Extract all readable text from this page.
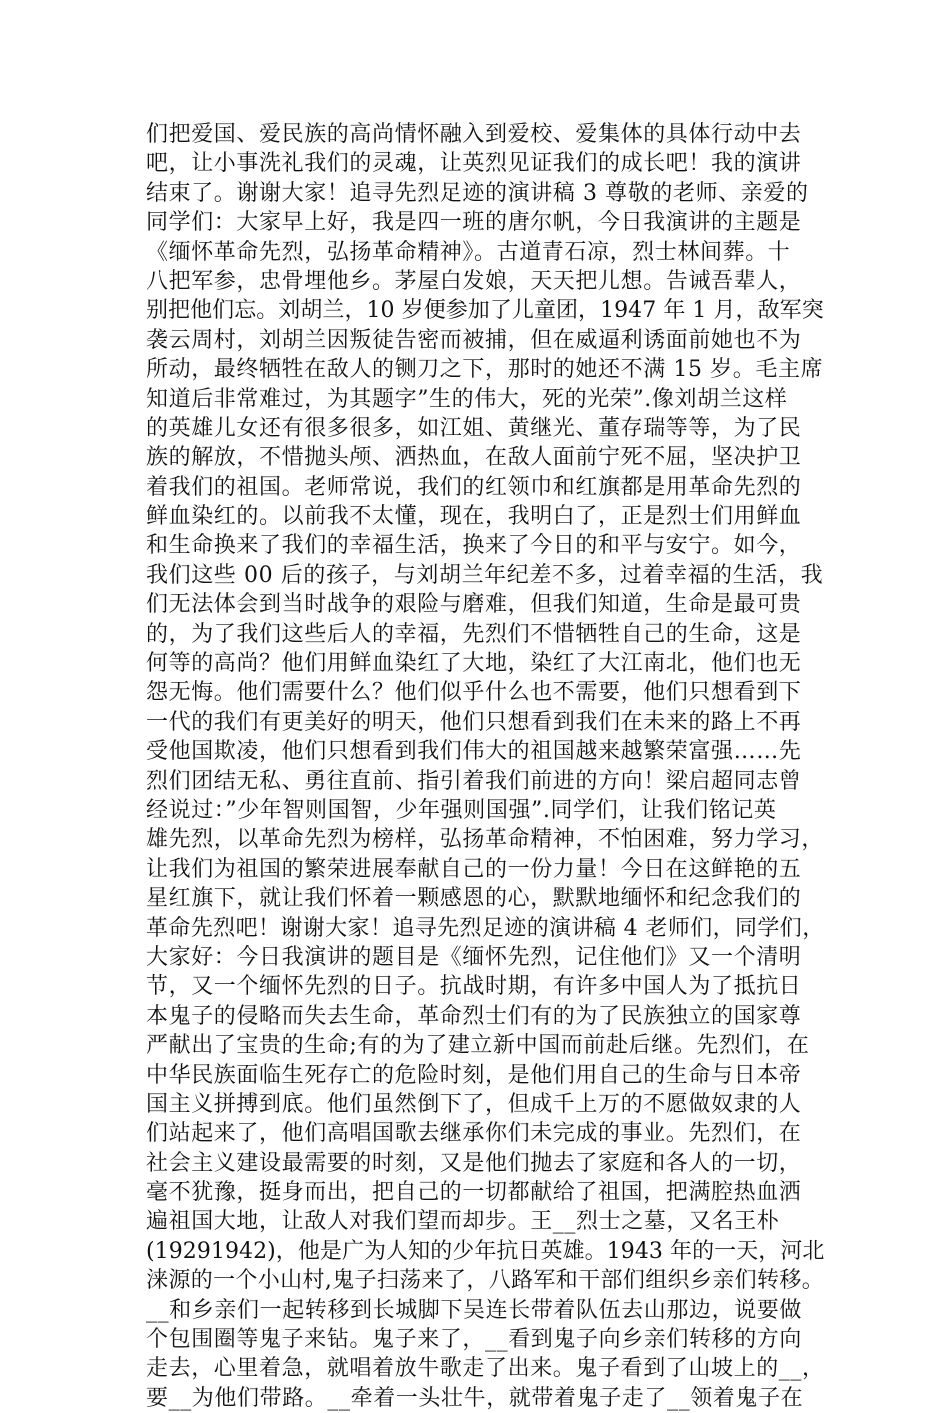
们把爱国、爱民族的高尚情怀融入到爱校、爱集体的具体行动中去
吧，让小事洗礼我们的灵魂，让英烈见证我们的成长吧！我的演讲
结束了。谢谢大家！追寻先烈足迹的演讲稿 3 尊敬的老师、亲爱的
同学们：大家早上好，我是四一班的唐尔帆，今日我演讲的主题是
《缅怀革命先烈，弘扬革命精神》。古道青石凉，烈士林间葬。十
八把军参，忠骨埋他乡。茅屋白发娘，天天把儿想。告诫吾辈人，
别把他们忘。刘胡兰，10 岁便参加了儿童团，1947 年 1 月，敌军突
袭云周村，刘胡兰因叛徒告密而被捕，但在威逼利诱面前她也不为
所动，最终牺牲在敌人的铡刀之下，那时的她还不满 15 岁。毛主席
知道后非常难过，为其题字”生的伟大，死的光荣”.像刘胡兰这样
的英雄儿女还有很多很多，如江姐、黄继光、董存瑞等等，为了民
族的解放，不惜抛头颅、洒热血，在敌人面前宁死不屈，坚决护卫
着我们的祖国。老师常说，我们的红领巾和红旗都是用革命先烈的
鲜血染红的。以前我不太懂，现在，我明白了，正是烈士们用鲜血
和生命换来了我们的幸福生活，换来了今日的和平与安宁。如今，
我们这些 00 后的孩子，与刘胡兰年纪差不多，过着幸福的生活，我
们无法体会到当时战争的艰险与磨难，但我们知道，生命是最可贵
的，为了我们这些后人的幸福，先烈们不惜牺牲自己的生命，这是
何等的高尚？他们用鲜血染红了大地，染红了大江南北，他们也无
怨无悔。他们需要什么？他们似乎什么也不需要，他们只想看到下
一代的我们有更美好的明天，他们只想看到我们在未来的路上不再
受他国欺凌，他们只想看到我们伟大的祖国越来越繁荣富强……先
烈们团结无私、勇往直前、指引着我们前进的方向！梁启超同志曾
经说过：”少年智则国智，少年强则国强”.同学们，让我们铭记英
雄先烈，以革命先烈为榜样，弘扬革命精神，不怕困难，努力学习，
让我们为祖国的繁荣进展奉献自己的一份力量！今日在这鲜艳的五
星红旗下，就让我们怀着一颗感恩的心，默默地缅怀和纪念我们的
革命先烈吧！谢谢大家！追寻先烈足迹的演讲稿 4 老师们，同学们，
大家好：今日我演讲的题目是《缅怀先烈，记住他们》又一个清明
节，又一个缅怀先烈的日子。抗战时期，有许多中国人为了抵抗日
本鬼子的侵略而失去生命，革命烈士们有的为了民族独立的国家尊
严献出了宝贵的生命;有的为了建立新中国而前赴后继。先烈们，在
中华民族面临生死存亡的危险时刻，是他们用自己的生命与日本帝
国主义拼搏到底。他们虽然倒下了，但成千上万的不愿做奴隶的人
们站起来了，他们高唱国歌去继承你们未完成的事业。先烈们，在
社会主义建设最需要的时刻，又是他们抛去了家庭和各人的一切，
毫不犹豫，挺身而出，把自己的一切都献给了祖国，把满腔热血洒
遍祖国大地，让敌人对我们望而却步。王__烈士之墓，又名王朴
(19291942)，他是广为人知的少年抗日英雄。1943 年的一天，河北
涞源的一个小山村,鬼子扫荡来了，八路军和干部们组织乡亲们转移。
__和乡亲们一起转移到长城脚下吴连长带着队伍去山那边，说要做
个包围圈等鬼子来钻。鬼子来了，__看到鬼子向乡亲们转移的方向
走去，心里着急，就唱着放牛歌走了出来。鬼子看到了山坡上的__，
要__为他们带路。__牵着一头壮牛，就带着鬼子走了__领着鬼子在
